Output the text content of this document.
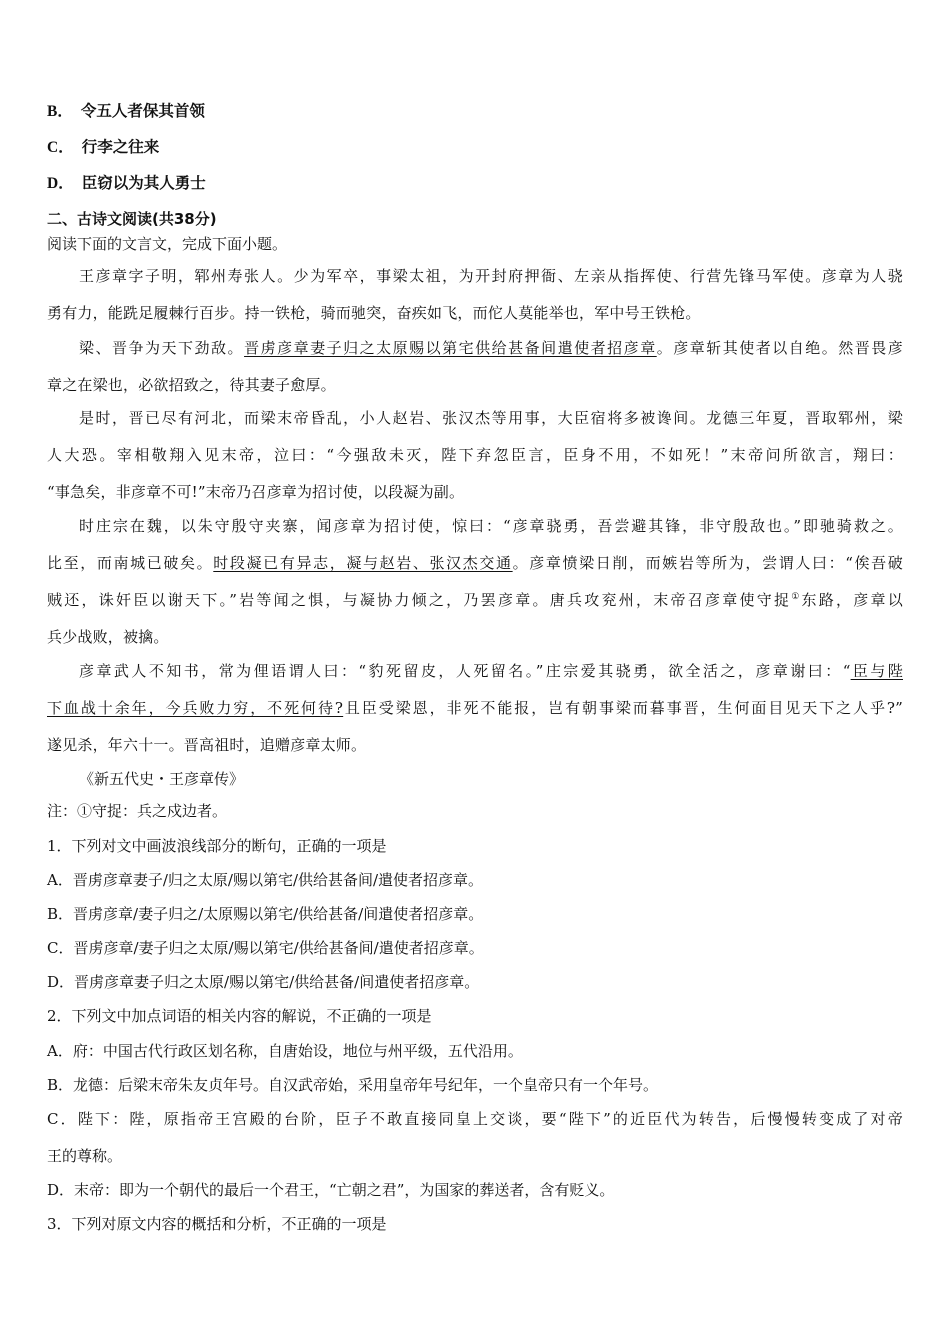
B． 令五人者保其首领
C． 行李之往来
D． 臣窃以为其人勇士
二、古诗文阅读(共38分)
阅读下面的文言文，完成下面小题。
王彦章字子明，郓州寿张人。少为军卒，事梁太祖，为开封府押衙、左亲从指挥使、行营先锋马军使。彦章为人骁
勇有力，能跣足履棘行百步。持一铁枪，骑而驰突，奋疾如飞，而佗人莫能举也，军中号王铁枪。
梁、晋争为天下劲敌。晋虏彦章妻子归之太原赐以第宅供给甚备间遣使者招彦章。彦章斩其使者以自绝。然晋畏彦
章之在梁也，必欲招致之，待其妻子愈厚。
是时，晋已尽有河北，而梁末帝昏乱，小人赵岩、张汉杰等用事，大臣宿将多被谗间。龙德三年夏，晋取郓州，梁
人大恐。宰相敬翔入见末帝，泣曰：“今强敌未灭，陛下弃忽臣言，臣身不用，不如死！”末帝问所欲言，翔曰：
“事急矣，非彦章不可!”末帝乃召彦章为招讨使，以段凝为副。
时庄宗在魏，以朱守殷守夹寨，闻彦章为招讨使，惊曰：“彦章骁勇，吾尝避其锋，非守殷敌也。”即驰骑救之。
比至，而南城已破矣。时段凝已有异志，凝与赵岩、张汉杰交通。彦章愤梁日削，而嫉岩等所为，尝谓人曰：“俟吾破
贼还，诛奸臣以谢天下。”岩等闻之惧，与凝协力倾之，乃罢彦章。唐兵攻兖州，末帝召彦章使守捉①东路，彦章以
兵少战败，被擒。
彦章武人不知书，常为俚语谓人曰：“豹死留皮，人死留名。”庄宗爱其骁勇，欲全活之，彦章谢曰：“臣与陛
下血战十余年，今兵败力穷，不死何待?且臣受梁恩，非死不能报，岂有朝事梁而暮事晋，生何面目见天下之人乎?”
遂见杀，年六十一。晋高祖时，追赠彦章太师。
《新五代史・王彦章传》
注：①守捉：兵之戍边者。
1．下列对文中画波浪线部分的断句，正确的一项是
A．晋虏彦章妻子/归之太原/赐以第宅/供给甚备间/遣使者招彦章。
B．晋虏彦章/妻子归之/太原赐以第宅/供给甚备/间遣使者招彦章。
C．晋虏彦章/妻子归之太原/赐以第宅/供给甚备间/遣使者招彦章。
D．晋虏彦章妻子归之太原/赐以第宅/供给甚备/间遣使者招彦章。
2．下列文中加点词语的相关内容的解说，不正确的一项是
A．府：中国古代行政区划名称，自唐始设，地位与州平级，五代沿用。
B．龙德：后梁末帝朱友贞年号。自汉武帝始，采用皇帝年号纪年，一个皇帝只有一个年号。
C．陛下：陛，原指帝王宫殿的台阶，臣子不敢直接同皇上交谈，要“陛下”的近臣代为转告，后慢慢转变成了对帝
王的尊称。
D．末帝：即为一个朝代的最后一个君王，“亡朝之君”，为国家的葬送者，含有贬义。
3．下列对原文内容的概括和分析，不正确的一项是
